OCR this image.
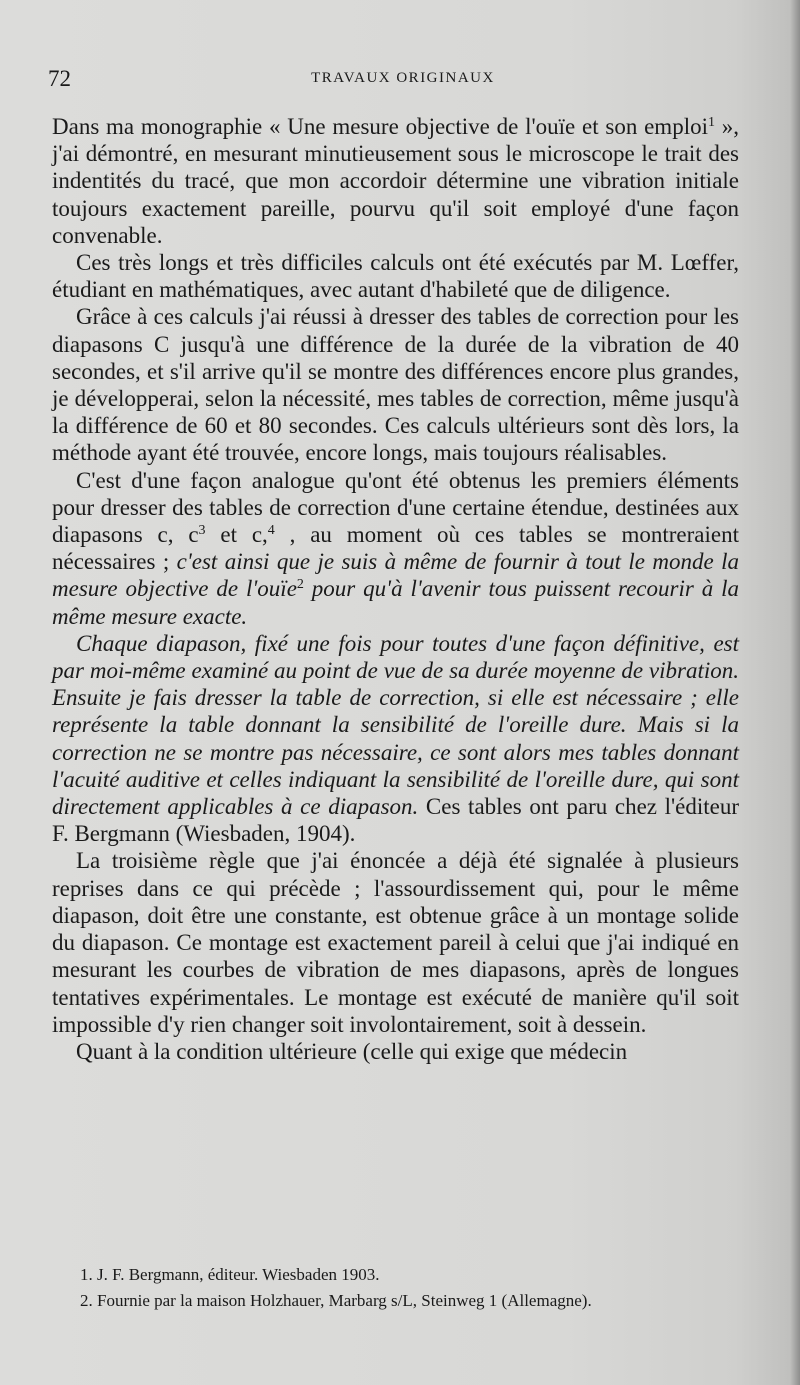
72	TRAVAUX ORIGINAUX

Dans ma monographie « Une mesure objective de l'ouïe et son emploi$^1$ », j'ai démontré, en mesurant minutieusement sous le microscope le trait des indentités du tracé, que mon accordoir détermine une vibration initiale toujours exactement pareille, pourvu qu'il soit employé d'une façon convenable.

Ces très longs et très difficiles calculs ont été exécutés par M. Lœffer, étudiant en mathématiques, avec autant d'habileté que de diligence.

Grâce à ces calculs j'ai réussi à dresser des tables de correction pour les diapasons C jusqu'à une différence de la durée de la vibration de 40 secondes, et s'il arrive qu'il se montre des différences encore plus grandes, je développerai, selon la nécessité, mes tables de correction, même jusqu'à la différence de 60 et 80 secondes. Ces calculs ultérieurs sont dès lors, la méthode ayant été trouvée, encore longs, mais toujours réalisables.

C'est d'une façon analogue qu'ont été obtenus les premiers éléments pour dresser des tables de correction d'une certaine étendue, destinées aux diapasons c, $c^3$ et c,$^4$ , au moment où ces tables se montreraient nécessaires ; c'est ainsi que je suis à même de fournir à tout le monde la mesure objective de l'ouïe$^2$ pour qu'à l'avenir tous puissent recourir à la même mesure exacte.

Chaque diapason, fixé une fois pour toutes d'une façon définitive, est par moi-même examiné au point de vue de sa durée moyenne de vibration. Ensuite je fais dresser la table de correction, si elle est nécessaire ; elle représente la table donnant la sensibilité de l'oreille dure. Mais si la correction ne se montre pas nécessaire, ce sont alors mes tables donnant l'acuité auditive et celles indiquant la sensibilité de l'oreille dure, qui sont directement applicables à ce diapason. Ces tables ont paru chez l'éditeur F. Bergmann (Wiesbaden, 1904).

La troisième règle que j'ai énoncée a déjà été signalée à plusieurs reprises dans ce qui précède ; l'assourdissement qui, pour le même diapason, doit être une constante, est obtenue grâce à un montage solide du diapason. Ce montage est exactement pareil à celui que j'ai indiqué en mesurant les courbes de vibration de mes diapasons, après de longues tentatives expérimentales. Le montage est exécuté de manière qu'il soit impossible d'y rien changer soit involontairement, soit à dessein.

Quant à la condition ultérieure (celle qui exige que médecin

1. J. F. Bergmann, éditeur. Wiesbaden 1903.

2. Fournie par la maison Holzhauer, Marbarg s/L, Steinweg 1 (Allemagne).
